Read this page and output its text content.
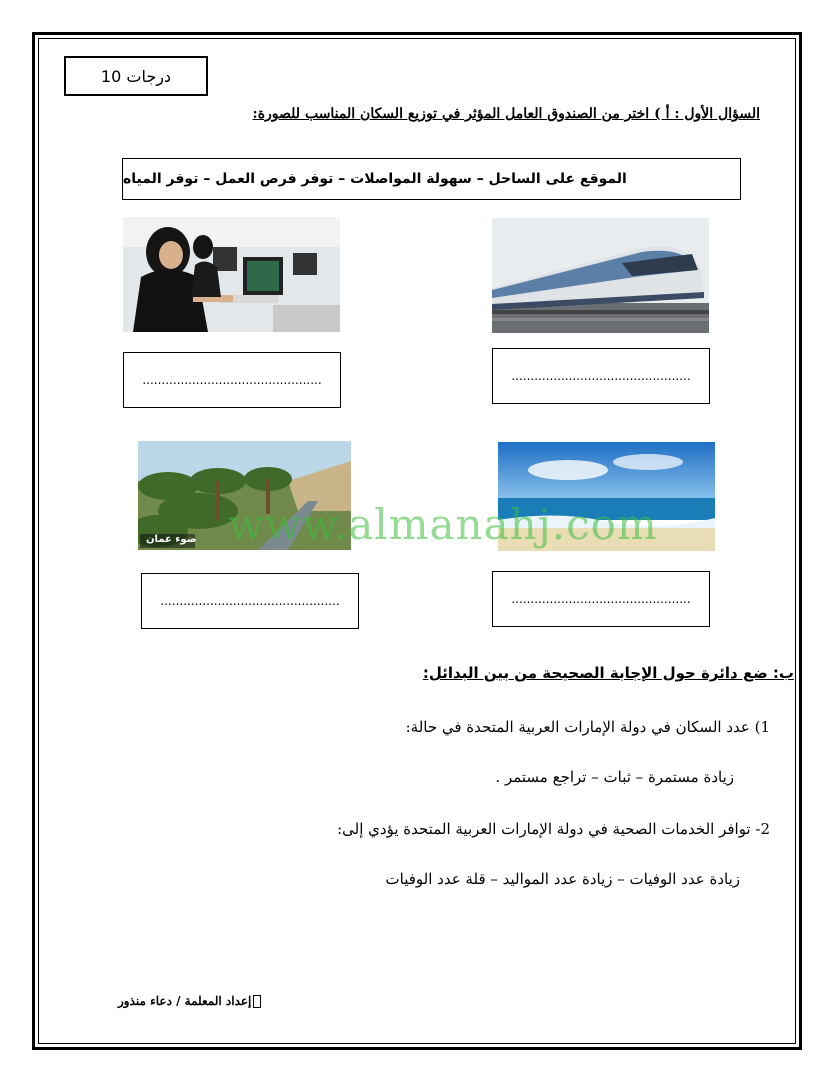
10 درجات
السؤال الأول : أ ) اختر من الصندوق العامل المؤثر في توزيع السكان المناسب للصورة:
الموقع على الساحل – سهولة المواصلات – توفر فرص العمل – توفر المياه
...............................................	...............................................
ضوء عمان
...............................................	...............................................
www.almanahj.com
ب: ضع دائرة حول الإجابة الصحيحة من بين البدائل:
1) عدد السكان في دولة الإمارات العربية المتحدة في حالة:
زيادة مستمرة – ثبات – تراجع مستمر .
2- توافر الخدمات الصحية في دولة الإمارات العربية المتحدة يؤدي إلى:
زيادة عدد الوفيات – زيادة عدد المواليد – قلة عدد الوفيات
إعداد المعلمة / دعاء منذور
